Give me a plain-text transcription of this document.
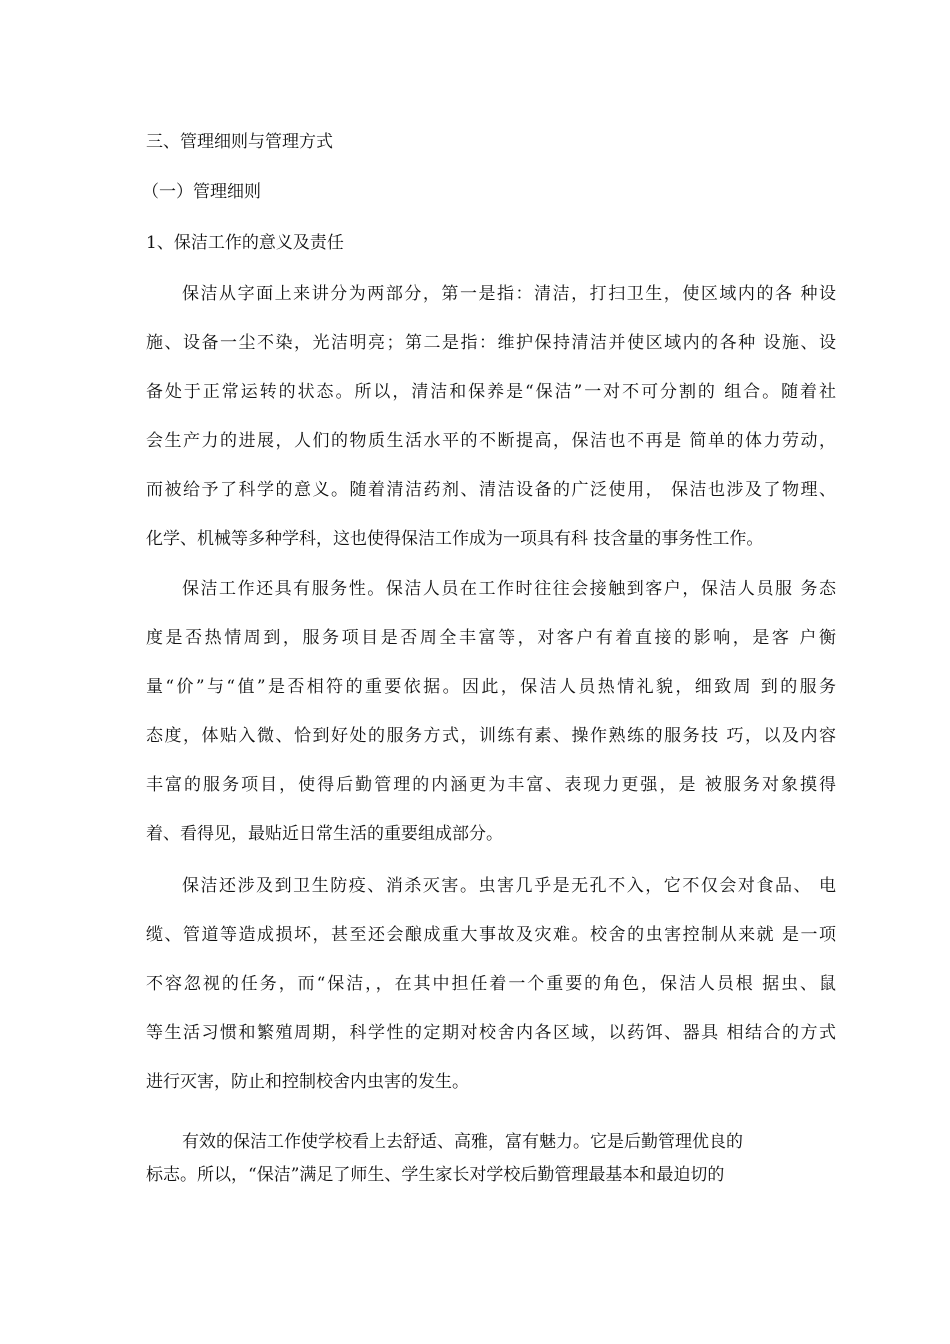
三、管理细则与管理方式
（一）管理细则
1、保洁工作的意义及责任
保洁从字面上来讲分为两部分，第一是指：清洁，打扫卫生，使区域内的各 种设
施、设备一尘不染，光洁明亮；第二是指：维护保持清洁并使区域内的各种 设施、设
备处于正常运转的状态。所以，清洁和保养是“保洁”一对不可分割的 组合。随着社
会生产力的进展，人们的物质生活水平的不断提高，保洁也不再是 简单的体力劳动，
而被给予了科学的意义。随着清洁药剂、清洁设备的广泛使用， 保洁也涉及了物理、
化学、机械等多种学科，这也使得保洁工作成为一项具有科 技含量的事务性工作。
保洁工作还具有服务性。保洁人员在工作时往往会接触到客户，保洁人员服 务态
度是否热情周到，服务项目是否周全丰富等，对客户有着直接的影响，是客 户衡
量“价”与“值”是否相符的重要依据。因此，保洁人员热情礼貌，细致周 到的服务
态度，体贴入微、恰到好处的服务方式，训练有素、操作熟练的服务技 巧，以及内容
丰富的服务项目，使得后勤管理的内涵更为丰富、表现力更强，是 被服务对象摸得
着、看得见，最贴近日常生活的重要组成部分。
保洁还涉及到卫生防疫、消杀灭害。虫害几乎是无孔不入，它不仅会对食品、 电
缆、管道等造成损坏，甚至还会酿成重大事故及灾难。校舍的虫害控制从来就 是一项
不容忽视的任务，而“保洁，，在其中担任着一个重要的角色，保洁人员根 据虫、鼠
等生活习惯和繁殖周期，科学性的定期对校舍内各区域，以药饵、器具 相结合的方式
进行灭害，防止和控制校舍内虫害的发生。
有效的保洁工作使学校看上去舒适、高雅，富有魅力。它是后勤管理优良的
标志。所以，“保洁”满足了师生、学生家长对学校后勤管理最基本和最迫切的
